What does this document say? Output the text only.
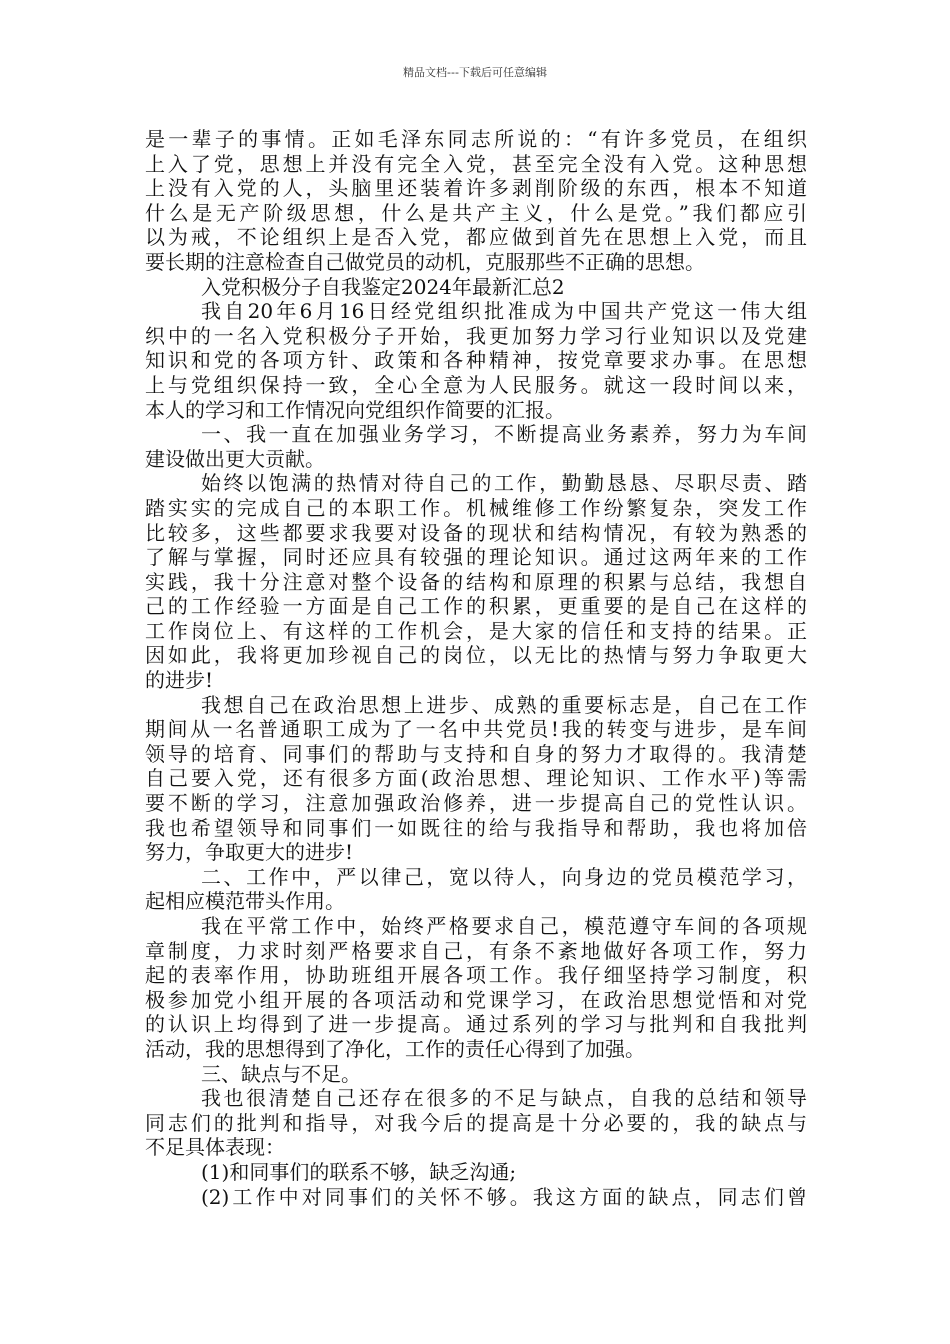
精品文档---下载后可任意编辑
是一辈子的事情。正如毛泽东同志所说的：“有许多党员，在组织
上入了党，思想上并没有完全入党，甚至完全没有入党。这种思想
上没有入党的人，头脑里还装着许多剥削阶级的东西，根本不知道
什么是无产阶级思想，什么是共产主义，什么是党。”我们都应引
以为戒，不论组织上是否入党，都应做到首先在思想上入党，而且
要长期的注意检查自己做党员的动机，克服那些不正确的思想。
入党积极分子自我鉴定2024年最新汇总2
我自20年6月16日经党组织批准成为中国共产党这一伟大组
织中的一名入党积极分子开始，我更加努力学习行业知识以及党建
知识和党的各项方针、政策和各种精神，按党章要求办事。在思想
上与党组织保持一致，全心全意为人民服务。就这一段时间以来，
本人的学习和工作情况向党组织作简要的汇报。
一、我一直在加强业务学习，不断提高业务素养，努力为车间
建设做出更大贡献。
始终以饱满的热情对待自己的工作，勤勤恳恳、尽职尽责、踏
踏实实的完成自己的本职工作。机械维修工作纷繁复杂，突发工作
比较多，这些都要求我要对设备的现状和结构情况，有较为熟悉的
了解与掌握，同时还应具有较强的理论知识。通过这两年来的工作
实践，我十分注意对整个设备的结构和原理的积累与总结，我想自
己的工作经验一方面是自己工作的积累，更重要的是自己在这样的
工作岗位上、有这样的工作机会，是大家的信任和支持的结果。正
因如此，我将更加珍视自己的岗位，以无比的热情与努力争取更大
的进步!
我想自己在政治思想上进步、成熟的重要标志是，自己在工作
期间从一名普通职工成为了一名中共党员!我的转变与进步，是车间
领导的培育、同事们的帮助与支持和自身的努力才取得的。我清楚
自己要入党，还有很多方面(政治思想、理论知识、工作水平)等需
要不断的学习，注意加强政治修养，进一步提高自己的党性认识。
我也希望领导和同事们一如既往的给与我指导和帮助，我也将加倍
努力，争取更大的进步!
二、工作中，严以律己，宽以待人，向身边的党员模范学习，
起相应模范带头作用。
我在平常工作中，始终严格要求自己，模范遵守车间的各项规
章制度，力求时刻严格要求自己，有条不紊地做好各项工作，努力
起的表率作用，协助班组开展各项工作。我仔细坚持学习制度，积
极参加党小组开展的各项活动和党课学习，在政治思想觉悟和对党
的认识上均得到了进一步提高。通过系列的学习与批判和自我批判
活动，我的思想得到了净化，工作的责任心得到了加强。
三、缺点与不足。
我也很清楚自己还存在很多的不足与缺点，自我的总结和领导
同志们的批判和指导，对我今后的提高是十分必要的，我的缺点与
不足具体表现：
(1)和同事们的联系不够，缺乏沟通;
(2)工作中对同事们的关怀不够。我这方面的缺点，同志们曾
